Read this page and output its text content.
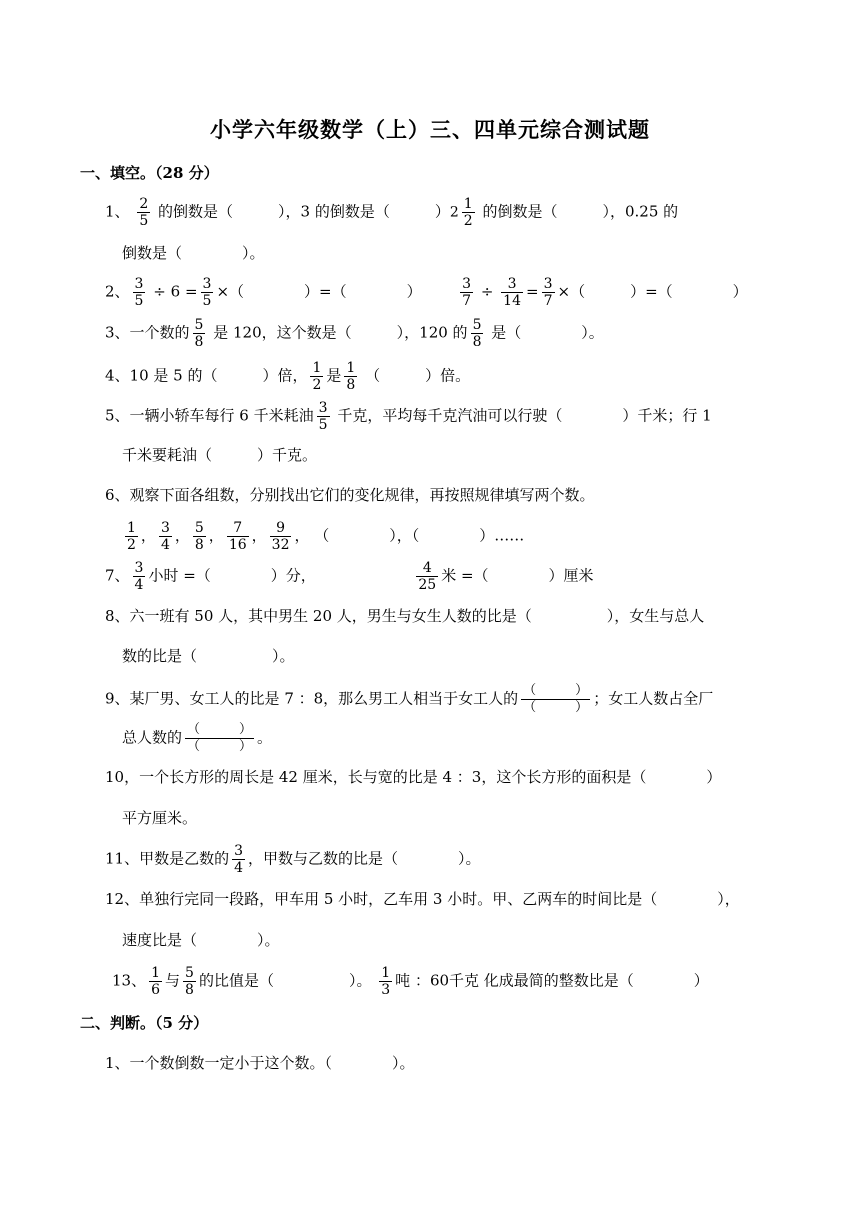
小学六年级数学（上）三、四单元综合测试题
一、填空。（28 分）
1、 $\frac{2}{5}$ 的倒数是（　　　），3 的倒数是（　　　）$2 \frac{1}{2}$ 的倒数是（　　　），0.25 的
倒数是（　　　　）。
2、 $\frac{3}{5} \div 6 = \frac{3}{5}$ ×（　　　　）=（　　　　）	$\frac{3}{7} \div \frac{3}{14} = \frac{3}{7}$ ×（　　　）=（　　　　）
3、一个数的 $\frac{5}{8}$ 是 120，这个数是（　　　），120 的 $\frac{5}{8}$ 是（　　　　）。
4、10 是 5 的（　　　）倍， $\frac{1}{2}$ 是 $\frac{1}{8}$ （　　　）倍。
5、一辆小轿车每行 6 千米耗油 $\frac{3}{5}$ 千克，平均每千克汽油可以行驶（　　　　）千米；行 1
千米要耗油（　　　）千克。
6、观察下面各组数，分别找出它们的变化规律，再按照规律填写两个数。
$\frac{1}{2}$ ， $\frac{3}{4}$ ， $\frac{5}{8}$ ， $\frac{7}{16}$ ， $\frac{9}{32}$ ， （　　　　），（　　　　）……
7、 $\frac{3}{4}$ 小时 =（　　　　）分，	$\frac{4}{25}$ 米 =（　　　　）厘米
8、六一班有 50 人，其中男生 20 人，男生与女生人数的比是（　　　　　），女生与总人
数的比是（　　　　　）。
9、某厂男、女工人的比是 7 ：8，那么男工人相当于女工人的 $\frac{( )}{( )}$ ；女工人数占全厂
总人数的 $\frac{( )}{( )}$ 。
10，一个长方形的周长是 42 厘米，长与宽的比是 4 ：3，这个长方形的面积是（　　　　）
平方厘米。
11、甲数是乙数的 $\frac{3}{4}$ ，甲数与乙数的比是（　　　　）。
12、单独行完同一段路，甲车用 5 小时，乙车用 3 小时。甲、乙两车的时间比是（　　　　），
速度比是（　　　　）。
13、 $\frac{1}{6}$ 与 $\frac{5}{8}$ 的比值是（　　　　　）。 $\frac{1}{3}$ 吨 ：60千克 化成最简的整数比是（　　　　）
二、判断。（5 分）
1、一个数倒数一定小于这个数。（　　　　）。
